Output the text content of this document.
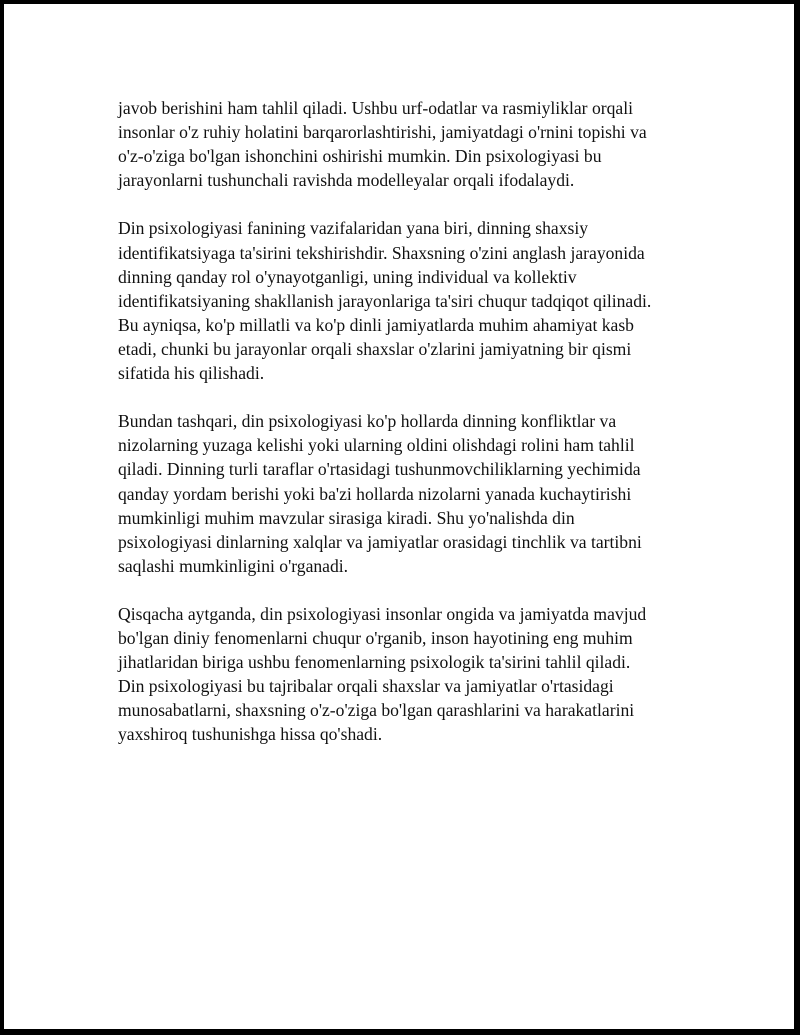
javob berishini ham tahlil qiladi. Ushbu urf-odatlar va rasmiyliklar orqali
insonlar o'z ruhiy holatini barqarorlashtirishi, jamiyatdagi o'rnini topishi va
o'z-o'ziga bo'lgan ishonchini oshirishi mumkin. Din psixologiyasi bu
jarayonlarni tushunchali ravishda modelleyalar orqali ifodalaydi.

Din psixologiyasi fanining vazifalaridan yana biri, dinning shaxsiy
identifikatsiyaga ta'sirini tekshirishdir. Shaxsning o'zini anglash jarayonida
dinning qanday rol o'ynayotganligi, uning individual va kollektiv
identifikatsiyaning shakllanish jarayonlariga ta'siri chuqur tadqiqot qilinadi.
Bu ayniqsa, ko'p millatli va ko'p dinli jamiyatlarda muhim ahamiyat kasb
etadi, chunki bu jarayonlar orqali shaxslar o'zlarini jamiyatning bir qismi
sifatida his qilishadi.

Bundan tashqari, din psixologiyasi ko'p hollarda dinning konfliktlar va
nizolarning yuzaga kelishi yoki ularning oldini olishdagi rolini ham tahlil
qiladi. Dinning turli taraflar o'rtasidagi tushunmovchiliklarning yechimida
qanday yordam berishi yoki ba'zi hollarda nizolarni yanada kuchaytirishi
mumkinligi muhim mavzular sirasiga kiradi. Shu yo'nalishda din
psixologiyasi dinlarning xalqlar va jamiyatlar orasidagi tinchlik va tartibni
saqlashi mumkinligini o'rganadi.

Qisqacha aytganda, din psixologiyasi insonlar ongida va jamiyatda mavjud
bo'lgan diniy fenomenlarni chuqur o'rganib, inson hayotining eng muhim
jihatlaridan biriga ushbu fenomenlarning psixologik ta'sirini tahlil qiladi.
Din psixologiyasi bu tajribalar orqali shaxslar va jamiyatlar o'rtasidagi
munosabatlarni, shaxsning o'z-o'ziga bo'lgan qarashlarini va harakatlarini
yaxshiroq tushunishga hissa qo'shadi.
